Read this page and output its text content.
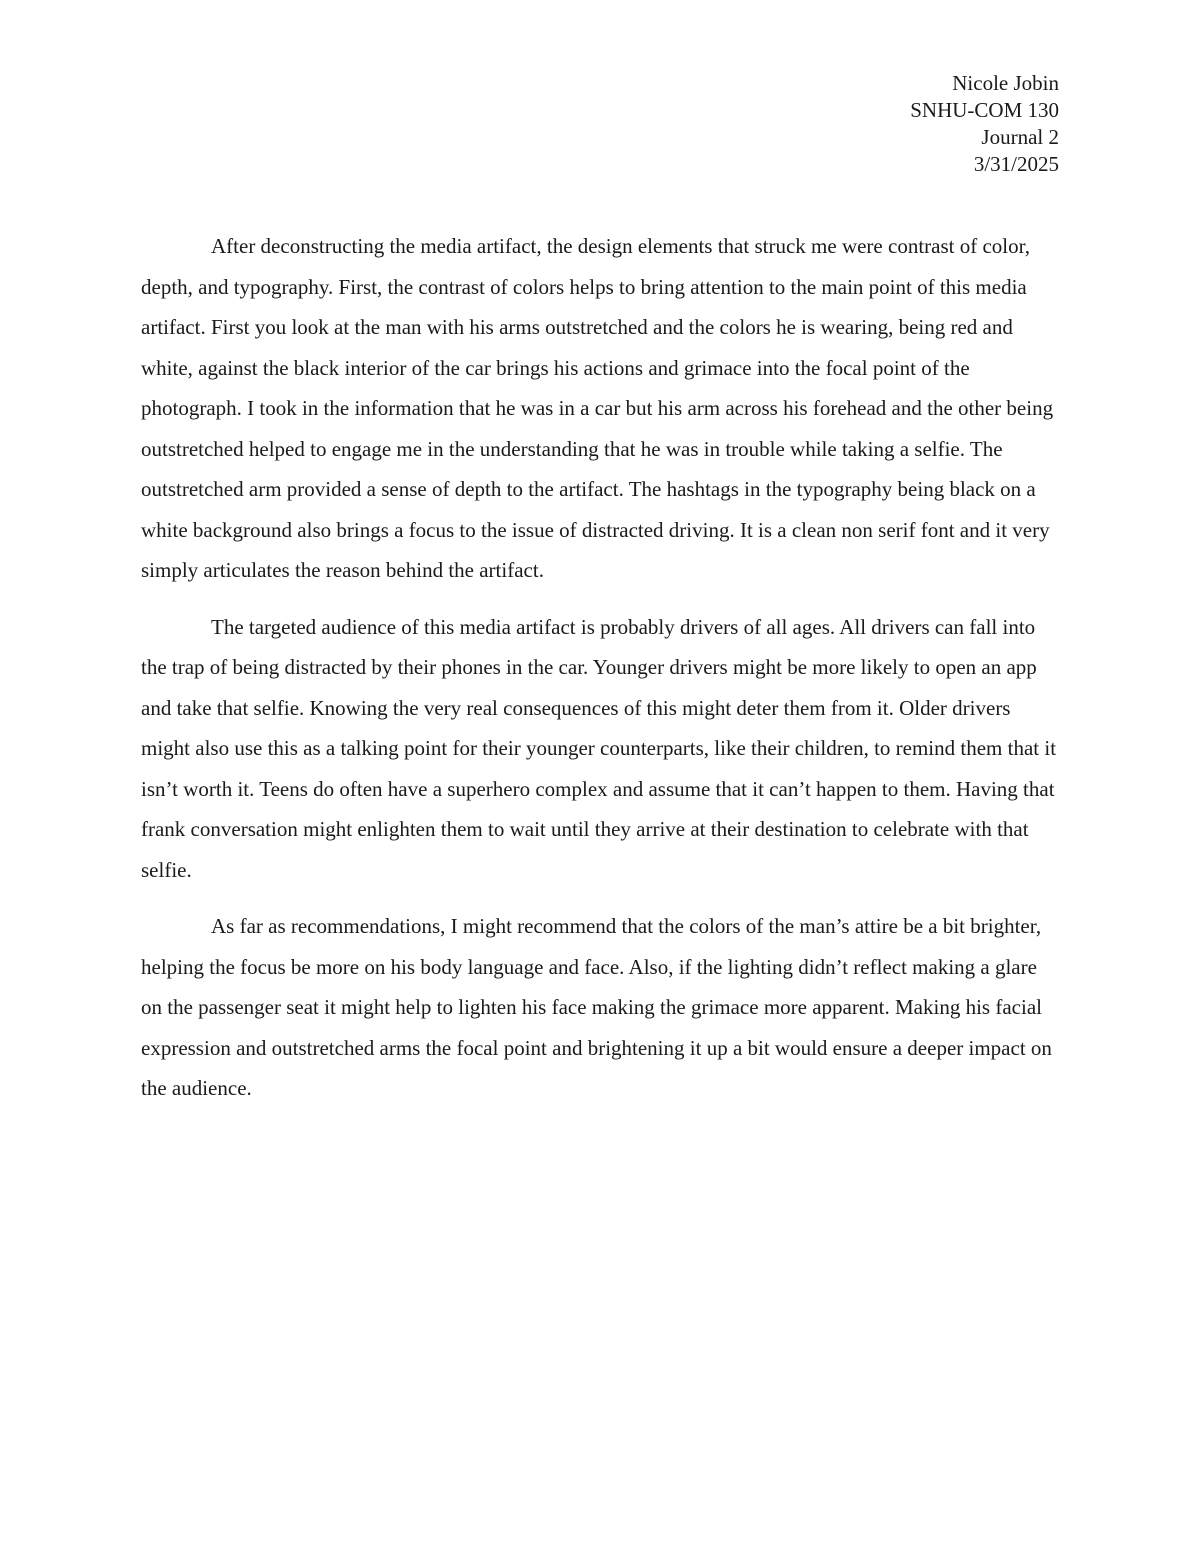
Nicole Jobin
SNHU-COM 130
Journal 2
3/31/2025

After deconstructing the media artifact, the design elements that struck me were contrast of color, depth, and typography. First, the contrast of colors helps to bring attention to the main point of this media artifact. First you look at the man with his arms outstretched and the colors he is wearing, being red and white, against the black interior of the car brings his actions and grimace into the focal point of the photograph. I took in the information that he was in a car but his arm across his forehead and the other being outstretched helped to engage me in the understanding that he was in trouble while taking a selfie. The outstretched arm provided a sense of depth to the artifact. The hashtags in the typography being black on a white background also brings a focus to the issue of distracted driving. It is a clean non serif font and it very simply articulates the reason behind the artifact.

The targeted audience of this media artifact is probably drivers of all ages. All drivers can fall into the trap of being distracted by their phones in the car. Younger drivers might be more likely to open an app and take that selfie. Knowing the very real consequences of this might deter them from it. Older drivers might also use this as a talking point for their younger counterparts, like their children, to remind them that it isn’t worth it. Teens do often have a superhero complex and assume that it can’t happen to them. Having that frank conversation might enlighten them to wait until they arrive at their destination to celebrate with that selfie.

As far as recommendations, I might recommend that the colors of the man’s attire be a bit brighter, helping the focus be more on his body language and face. Also, if the lighting didn’t reflect making a glare on the passenger seat it might help to lighten his face making the grimace more apparent. Making his facial expression and outstretched arms the focal point and brightening it up a bit would ensure a deeper impact on the audience.
